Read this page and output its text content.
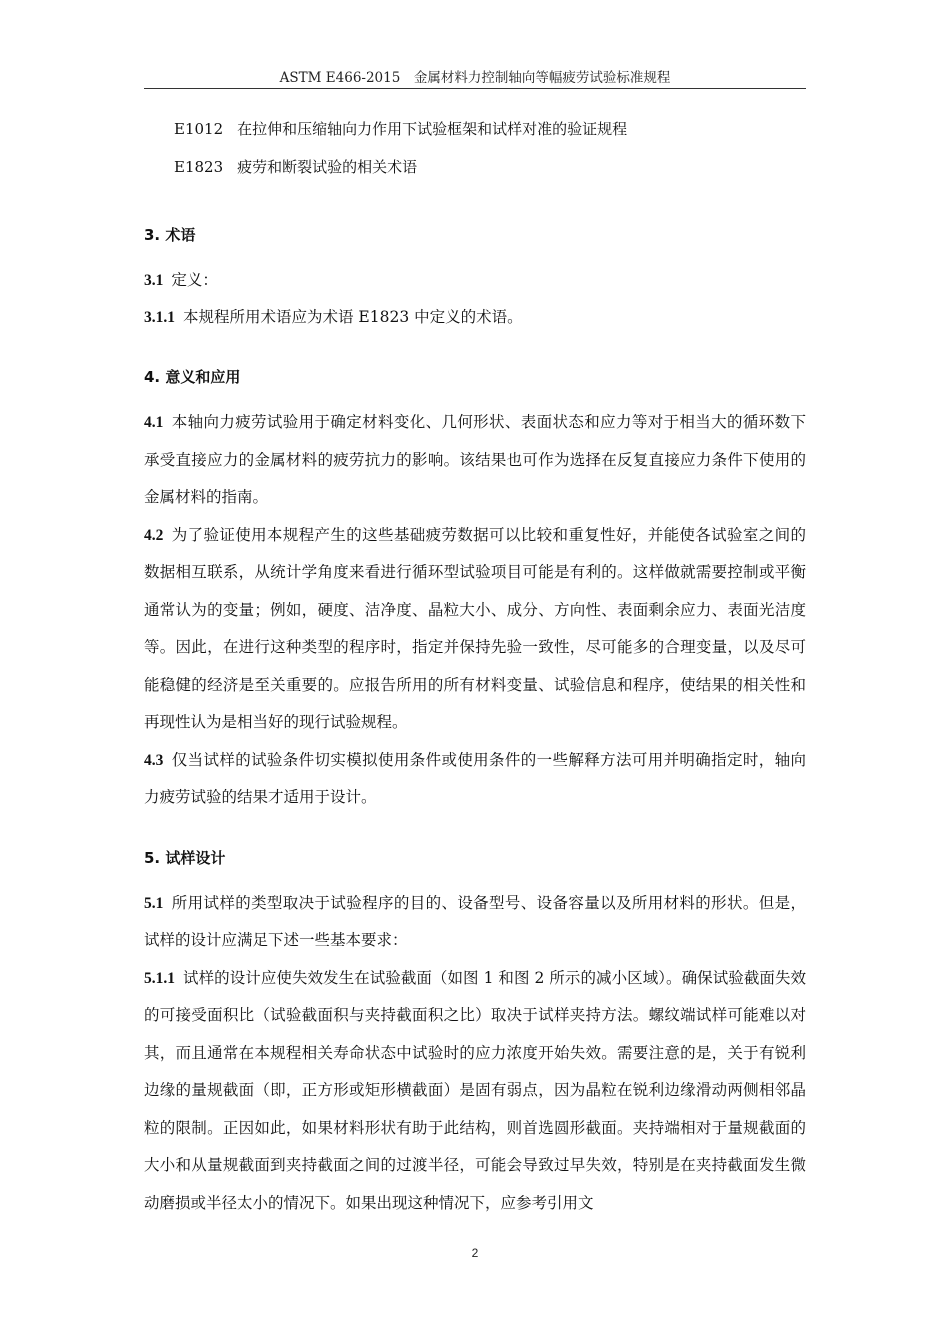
ASTM E466-2015　金属材料力控制轴向等幅疲劳试验标准规程
E1012 在拉伸和压缩轴向力作用下试验框架和试样对准的验证规程
E1823 疲劳和断裂试验的相关术语
3. 术语

3.1 定义：

3.1.1 本规程所用术语应为术语 E1823 中定义的术语。

4. 意义和应用

4.1 本轴向力疲劳试验用于确定材料变化、几何形状、表面状态和应力等对于相当大的循环数下承受直接应力的金属材料的疲劳抗力的影响。该结果也可作为选择在反复直接应力条件下使用的金属材料的指南。

4.2 为了验证使用本规程产生的这些基础疲劳数据可以比较和重复性好，并能使各试验室之间的数据相互联系，从统计学角度来看进行循环型试验项目可能是有利的。这样做就需要控制或平衡通常认为的变量；例如，硬度、洁净度、晶粒大小、成分、方向性、表面剩余应力、表面光洁度等。因此，在进行这种类型的程序时，指定并保持先验一致性，尽可能多的合理变量，以及尽可能稳健的经济是至关重要的。应报告所用的所有材料变量、试验信息和程序，使结果的相关性和再现性认为是相当好的现行试验规程。

4.3 仅当试样的试验条件切实模拟使用条件或使用条件的一些解释方法可用并明确指定时，轴向力疲劳试验的结果才适用于设计。

5. 试样设计

5.1 所用试样的类型取决于试验程序的目的、设备型号、设备容量以及所用材料的形状。但是，试样的设计应满足下述一些基本要求：

5.1.1 试样的设计应使失效发生在试验截面（如图 1 和图 2 所示的减小区域）。确保试验截面失效的可接受面积比（试验截面积与夹持截面积之比）取决于试样夹持方法。螺纹端试样可能难以对其，而且通常在本规程相关寿命状态中试验时的应力浓度开始失效。需要注意的是，关于有锐利边缘的量规截面（即，正方形或矩形横截面）是固有弱点，因为晶粒在锐利边缘滑动两侧相邻晶粒的限制。正因如此，如果材料形状有助于此结构，则首选圆形截面。夹持端相对于量规截面的大小和从量规截面到夹持截面之间的过渡半径，可能会导致过早失效，特别是在夹持截面发生微动磨损或半径太小的情况下。如果出现这种情况下，应参考引用文

2
